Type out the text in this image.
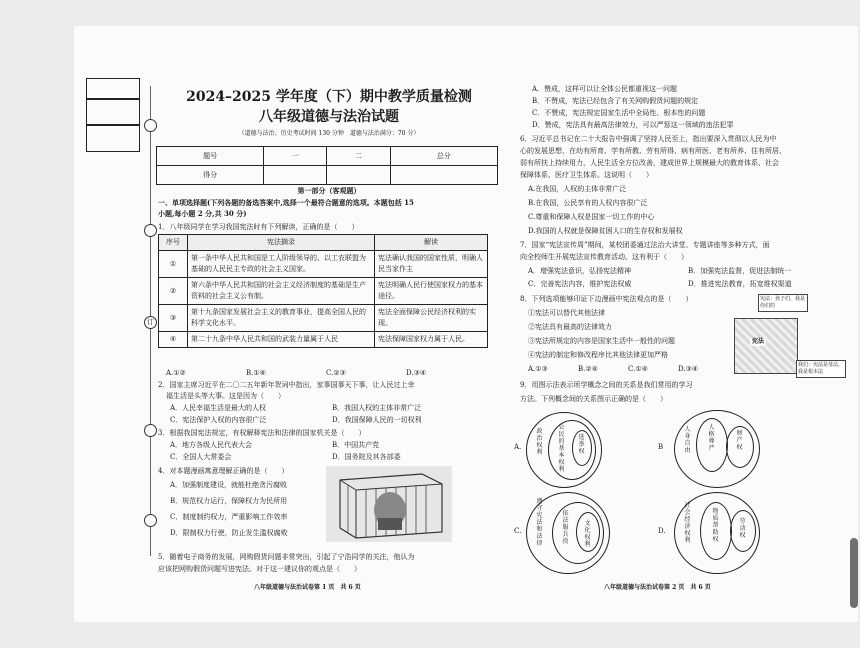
订
2024–2025 学年度（下）期中教学质量检测
八年级道德与法治试题
（道德与法治、历史考试时间 130 分钟　道德与法治满分：70 分）
题号	一	二	总分
得分			
第一部分（客观题）
一、单项选择题(下列各题的备选答案中,选择一个最符合题意的选项。本题包括 15
小题,每小题 2 分,共 30 分)
1．八年级同学在学习我国宪法时有下列解读，正确的是（　　）
序号	宪法摘录	解读
①	第一条中华人民共和国是工人阶级领导的、以工农联盟为基础的人民民主专政的社会主义国家。	宪法确认我国的国家性质，明确人民当家作主
②	第六条中华人民共和国的社会主义经济制度的基础是生产资料的社会主义公有制。	宪法明确人民行使国家权力的基本途径。
③	第十九条国家发展社会主义的教育事业，提高全国人民的科学文化水平。	宪法全面保障公民经济权利的实现。
④	第二十九条中华人民共和国的武装力量属于人民	宪法保障国家权力属于人民。
A.①②	B.①④	C.②③	D.③④
2．国家主席习近平在二〇二五年新年贺词中指出，家事国事天下事，让人民过上幸
福生活是头等大事。这是因为（　　）
A．人民幸福生活是最大的人权	B．我国人权的主体非常广泛
C．宪法保护人权的内容很广泛	D．我国保障人民的一切权利
3．根据我国宪法规定，有权解释宪法和法律的国家机关是（　　）
A．地方各级人民代表大会	B．中国共产党
C．全国人大常委会	D．国务院及其各部委
4．对本题漫画寓意理解正确的是（　　）
A．加强制度建设，就能杜绝贪污腐败
B．规范权力运行，保障权力为民所用
C．制度制约权力，严重影响工作效率
D．限制权力行使，防止发生滥权腐败
5．随着电子商务的发展，网购假货问题非常突出，引起了宁浩同学的关注，他认为
应该把网购假货问题写进宪法。对于这一建议你的观点是（　　）
八年级道德与法治试卷第 1 页　共 6 页
A．赞成，这样可以让全体公民都重视这一问题
B．不赞成，宪法已经包含了有关网购假货问题的规定
C．不赞成，宪法规定国家生活中全局性、根本性的问题
D．赞成，宪法具有最高法律效力，可以严惩这一领域的违法犯罪
6．习近平总书记在二十大报告中强调了坚持人民至上，指出要深入贯彻以人民为中
心的发展思想，在幼有所育、学有所教、劳有所得、病有所医、老有所养、住有所居、
弱有所扶上持续用力，人民生活全方位改善，建成世界上规模最大的教育体系、社会
保障体系、医疗卫生体系。这说明（　　）
A.在我国，人权的主体非常广泛
B.在我国，公民享有的人权内容很广泛
C.尊重和保障人权是国家一切工作的中心
D.我国的人权就是保障贫困人口的生存权和发展权
7．国家“宪法宣传周”期间，某校团委通过法治大讲堂、专题讲座等多种方式，面
向全校师生开展宪法宣传教育活动。这有利于（　　）
A．增强宪法意识，弘扬宪法精神	B．加强宪法监督，促进法制统一
C．完善宪法内容，维护宪法权威	D．推进宪法教育，拓宽维权渠道
8．下列选项能够印证下边漫画中宪法观点的是（　　）
①宪法可以替代其他法律
②宪法具有最高的法律效力
③宪法所规定的内容是国家生活中一般性的问题
④宪法的制定和修改程序比其他法律更加严格
A.①③	B.②④	C.①④	D.③④
宪法
宪法：孩子们，我是你们的
我们：宪法是母法，我是根本法
9．用图示法表示所学概念之间的关系是我们常用的学习
方法。下列概念间的关系图示正确的是（　　）
A.
政治权利
公民的基本权利
选举权
B
人身自由
人格尊严
财产权
C.
遵守宪法和法律
依法服兵役
文化权利
D.
社会经济权利
物质帮助权
劳动权
八年级道德与法治试卷第 2 页　共 6 页
